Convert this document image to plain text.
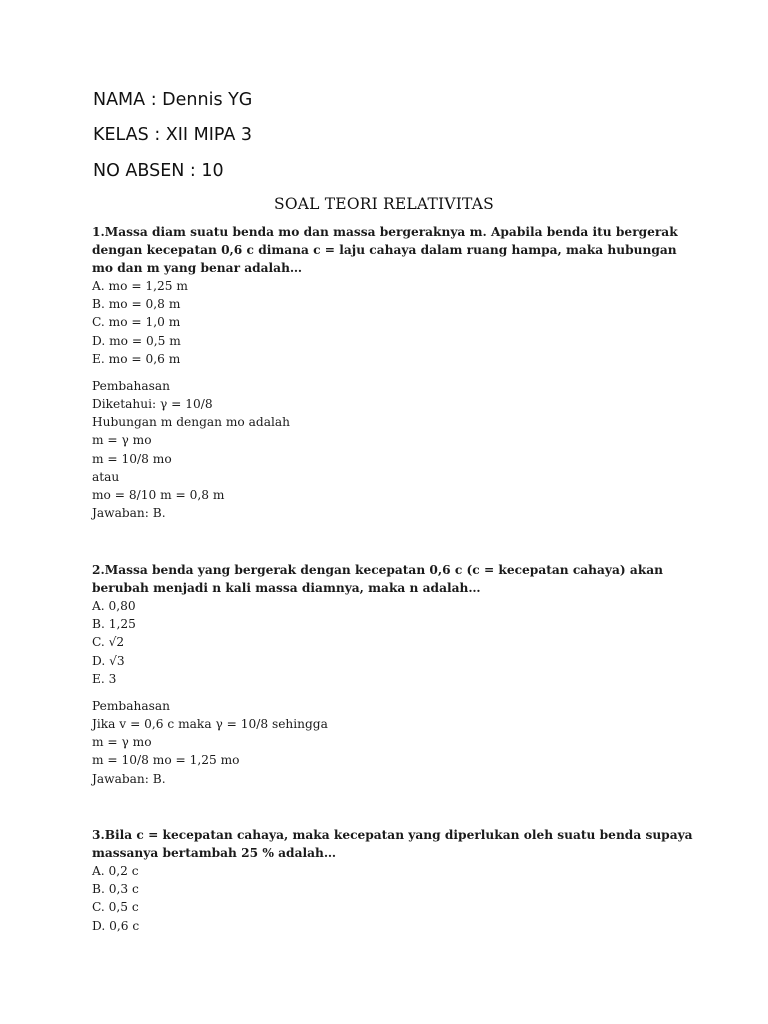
NAMA : Dennis YG
KELAS : XII MIPA 3
NO ABSEN : 10
SOAL TEORI RELATIVITAS

1.Massa diam suatu benda mo dan massa bergeraknya m. Apabila benda itu bergerak

dengan kecepatan 0,6 c dimana c = laju cahaya dalam ruang hampa, maka hubungan

mo dan m yang benar adalah…

A. mo = 1,25 m

B. mo = 0,8 m

C. mo = 1,0 m

D. mo = 0,5 m

E. mo = 0,6 m

Pembahasan

Diketahui: γ = 10/8

Hubungan m dengan mo adalah

m = γ mo

m = 10/8 mo

atau

mo = 8/10 m = 0,8 m

Jawaban: B.

2.Massa benda yang bergerak dengan kecepatan 0,6 c (c = kecepatan cahaya) akan

berubah menjadi n kali massa diamnya, maka n adalah…

A. 0,80

B. 1,25

C. √2

D. √3

E. 3

Pembahasan

Jika v = 0,6 c maka γ = 10/8 sehingga

m = γ mo

m = 10/8 mo = 1,25 mo

Jawaban: B.

3.Bila c = kecepatan cahaya, maka kecepatan yang diperlukan oleh suatu benda supaya

massanya bertambah 25 % adalah…

A. 0,2 c

B. 0,3 c

C. 0,5 c

D. 0,6 c
